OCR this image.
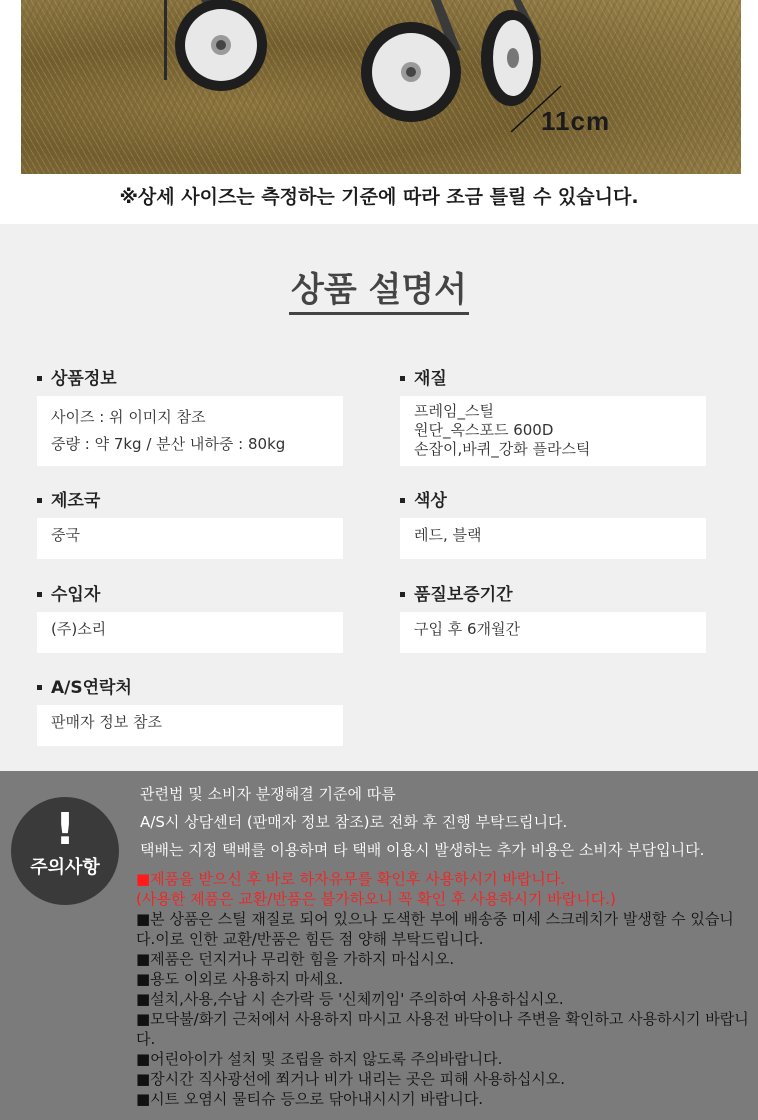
11cm
※상세 사이즈는 측정하는 기준에 따라 조금 틀릴 수 있습니다.
상품 설명서
상품정보
사이즈 : 위 이미지 참조
중량 : 약 7kg / 분산 내하중 : 80kg
재질
프레임_스틸
원단_옥스포드 600D
손잡이,바퀴_강화 플라스틱
제조국
중국
색상
레드, 블랙
수입자
(주)소리
품질보증기간
구입 후 6개월간
A/S연락처
판매자 정보 참조
!
주의사항
관련법 및 소비자 분쟁해결 기준에 따름
A/S시 상담센터 (판매자 정보 참조)로 전화 후 진행 부탁드립니다.
택배는 지정 택배를 이용하며 타 택배 이용시 발생하는 추가 비용은 소비자 부담입니다.
■제품을 받으신 후 바로 하자유무를 확인후 사용하시기 바랍니다.
(사용한 제품은 교환/반품은 불가하오니 꼭 확인 후 사용하시기 바랍니다.)
■본 상품은 스틸 재질로 되어 있으나 도색한 부에 배송중 미세 스크레치가 발생할 수 있습니다.이로 인한 교환/반품은 힘든 점 양해 부탁드립니다.
■제품은 던지거나 무리한 힘을 가하지 마십시오.
■용도 이외로 사용하지 마세요.
■설치,사용,수납 시 손가락 등 '신체끼임' 주의하여 사용하십시오.
■모닥불/화기 근처에서 사용하지 마시고 사용전 바닥이나 주변을 확인하고 사용하시기 바랍니다.
■어린아이가 설치 및 조립을 하지 않도록 주의바랍니다.
■장시간 직사광선에 쬐거나 비가 내리는 곳은 피해 사용하십시오.
■시트 오염시 물티슈 등으로 닦아내시시기 바랍니다.
